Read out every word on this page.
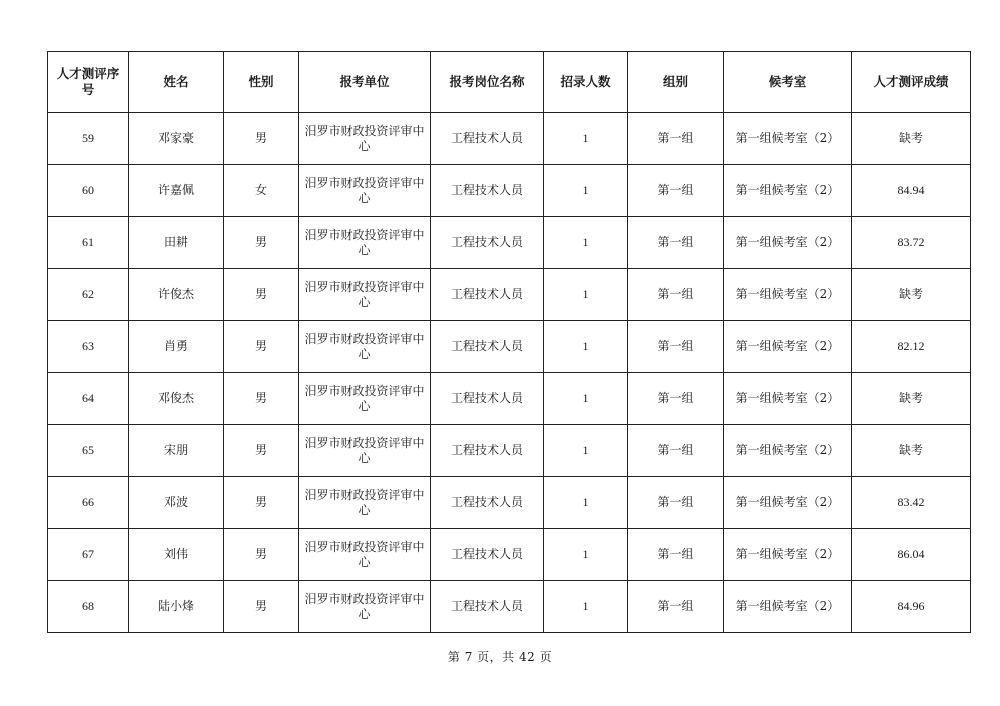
人才测评序号	姓名	性别	报考单位	报考岗位名称	招录人数	组别	候考室	人才测评成绩
59	邓家豪	男	汨罗市财政投资评审中心	工程技术人员	1	第一组	第一组候考室（2）	缺考
60	许嘉佩	女	汨罗市财政投资评审中心	工程技术人员	1	第一组	第一组候考室（2）	84.94
61	田耕	男	汨罗市财政投资评审中心	工程技术人员	1	第一组	第一组候考室（2）	83.72
62	许俊杰	男	汨罗市财政投资评审中心	工程技术人员	1	第一组	第一组候考室（2）	缺考
63	肖勇	男	汨罗市财政投资评审中心	工程技术人员	1	第一组	第一组候考室（2）	82.12
64	邓俊杰	男	汨罗市财政投资评审中心	工程技术人员	1	第一组	第一组候考室（2）	缺考
65	宋朋	男	汨罗市财政投资评审中心	工程技术人员	1	第一组	第一组候考室（2）	缺考
66	邓波	男	汨罗市财政投资评审中心	工程技术人员	1	第一组	第一组候考室（2）	83.42
67	刘伟	男	汨罗市财政投资评审中心	工程技术人员	1	第一组	第一组候考室（2）	86.04
68	陆小烽	男	汨罗市财政投资评审中心	工程技术人员	1	第一组	第一组候考室（2）	84.96
第 7 页，共 42 页
